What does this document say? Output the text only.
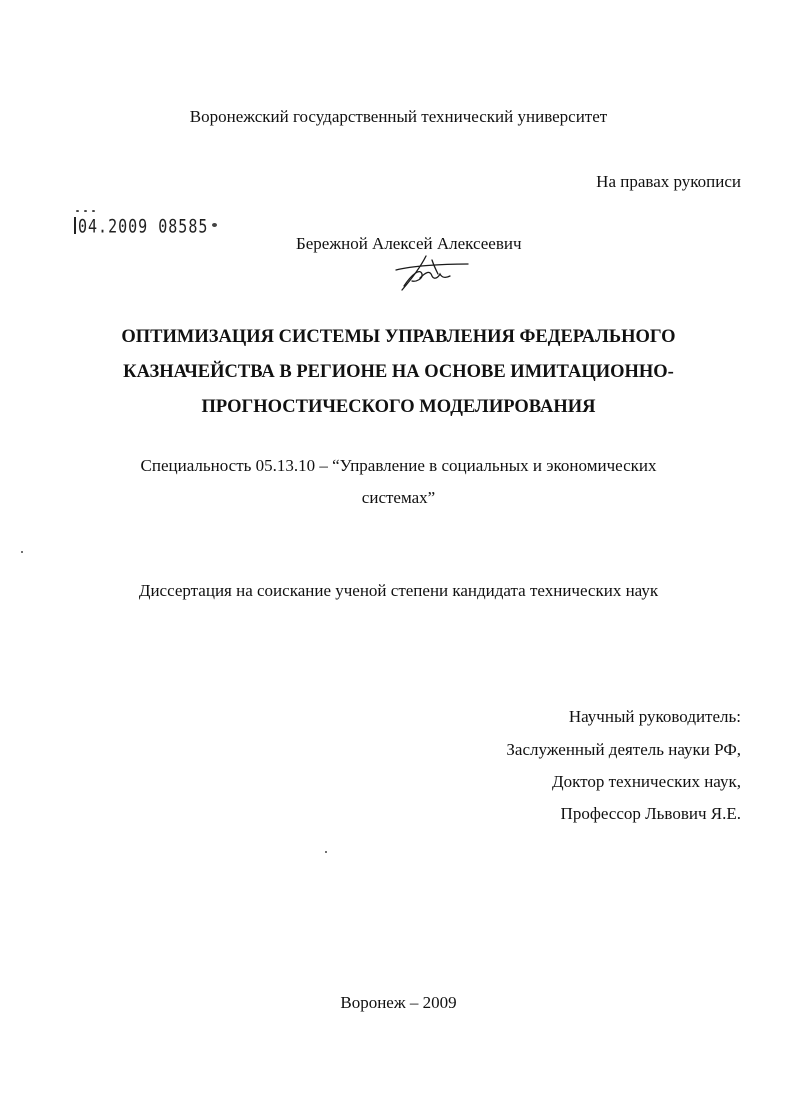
Воронежский государственный технический университет
На правах рукописи
04.2009 08585
Бережной Алексей Алексеевич
ОПТИМИЗАЦИЯ СИСТЕМЫ УПРАВЛЕНИЯ ФЕДЕРАЛЬНОГО
КАЗНАЧЕЙСТВА В РЕГИОНЕ НА ОСНОВЕ ИМИТАЦИОННО-
ПРОГНОСТИЧЕСКОГО МОДЕЛИРОВАНИЯ
Специальность 05.13.10 – “Управление в социальных и экономических
системах”
Диссертация на соискание ученой степени кандидата технических наук
Научный руководитель:
Заслуженный деятель науки РФ,
Доктор технических наук,
Профессор Львович Я.Е.
Воронеж – 2009
